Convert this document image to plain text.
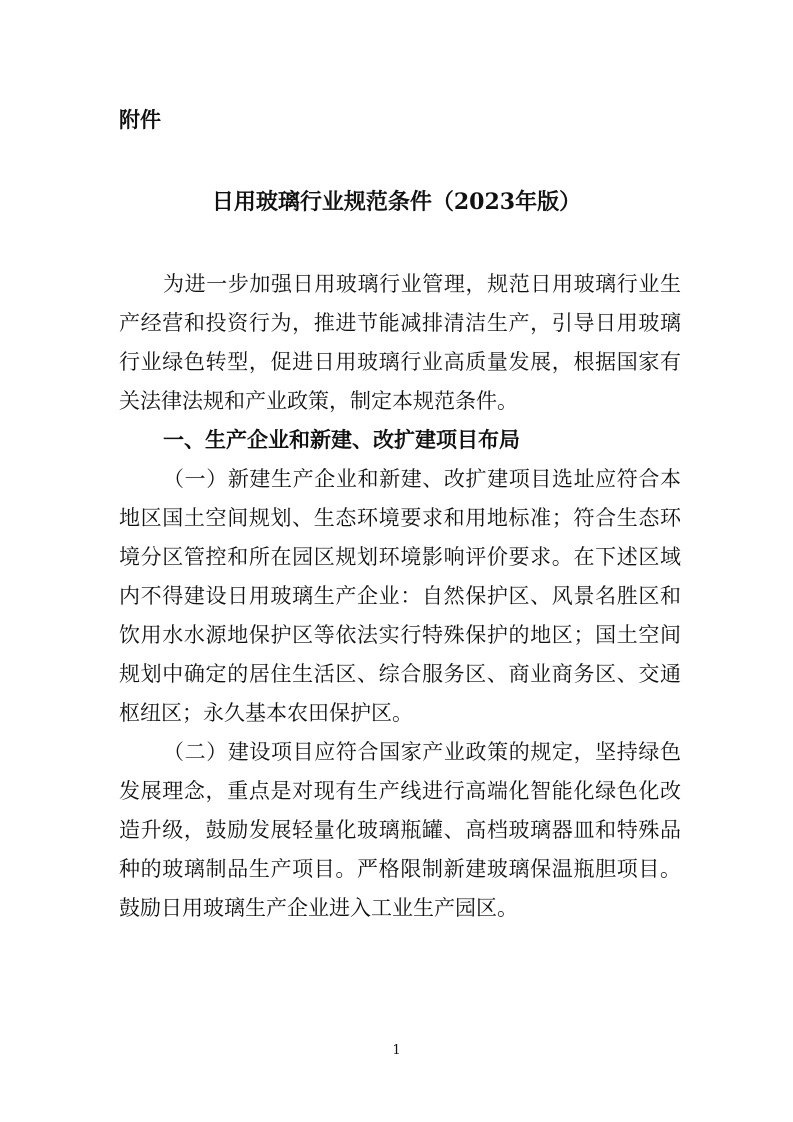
附件
日用玻璃行业规范条件（2023年版）
为进一步加强日用玻璃行业管理，规范日用玻璃行业生
产经营和投资行为，推进节能减排清洁生产，引导日用玻璃
行业绿色转型，促进日用玻璃行业高质量发展，根据国家有
关法律法规和产业政策，制定本规范条件。
一、生产企业和新建、改扩建项目布局
（一）新建生产企业和新建、改扩建项目选址应符合本
地区国土空间规划、生态环境要求和用地标准；符合生态环
境分区管控和所在园区规划环境影响评价要求。在下述区域
内不得建设日用玻璃生产企业：自然保护区、风景名胜区和
饮用水水源地保护区等依法实行特殊保护的地区；国土空间
规划中确定的居住生活区、综合服务区、商业商务区、交通
枢纽区；永久基本农田保护区。
（二）建设项目应符合国家产业政策的规定，坚持绿色
发展理念，重点是对现有生产线进行高端化智能化绿色化改
造升级，鼓励发展轻量化玻璃瓶罐、高档玻璃器皿和特殊品
种的玻璃制品生产项目。严格限制新建玻璃保温瓶胆项目。
鼓励日用玻璃生产企业进入工业生产园区。
1
